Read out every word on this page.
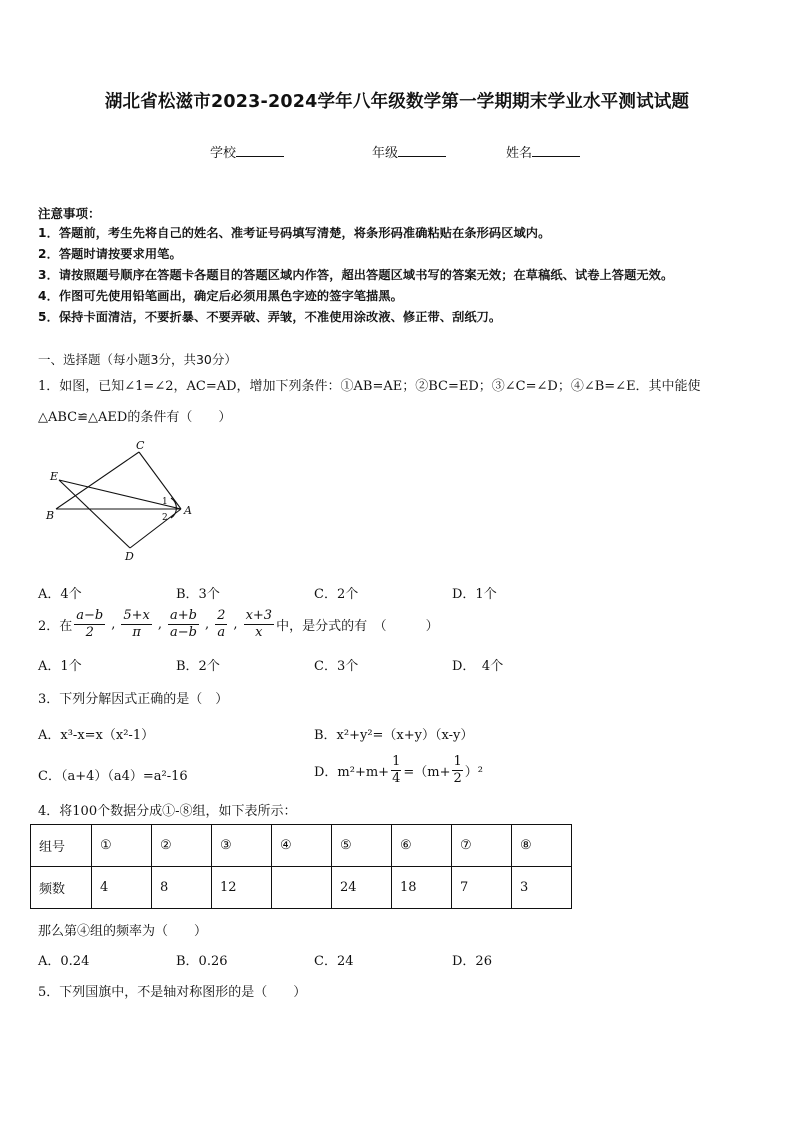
湖北省松滋市2023-2024学年八年级数学第一学期期末学业水平测试试题
学校	年级	姓名
注意事项：
1．答题前，考生先将自己的姓名、准考证号码填写清楚，将条形码准确粘贴在条形码区域内。
2．答题时请按要求用笔。
3．请按照题号顺序在答题卡各题目的答题区域内作答，超出答题区域书写的答案无效；在草稿纸、试卷上答题无效。
4．作图可先使用铅笔画出，确定后必须用黑色字迹的签字笔描黑。
5．保持卡面清洁，不要折暴、不要弄破、弄皱，不准使用涂改液、修正带、刮纸刀。
一、选择题（每小题3分，共30分）
1．如图，已知∠1=∠2，AC=AD，增加下列条件：①AB=AE；②BC=ED；③∠C=∠D；④∠B=∠E．其中能使
△ABC≌△AED的条件有（　　）
C
E
B	A
D
1
2
A．4个	B．3个	C．2个	D．1个
2．在 $\frac{a-b}{2}$ , $\frac{5+x}{\pi}$ , $\frac{a+b}{a-b}$ , $\frac{2}{a}$ , $\frac{x+3}{x}$ 中，是分式的有　（　　　）
A．1个	B．2个	C．3个	D．　4个
3．下列分解因式正确的是（　）
A．x³-x=x（x²-1）	B．x²+y²=（x+y）（x-y）
C．（a+4）（a4）=a²-16	D．$m^2+m+ \frac{1}{4} =(m+ \frac{1}{2} )^2$
4．将100个数据分成①-⑧组，如下表所示：
组号	①	②	③	④	⑤	⑥	⑦	⑧
频数	4	8	12		24	18	7	3
那么第④组的频率为（　　）
A．0.24	B．0.26	C．24	D．26
5．下列国旗中，不是轴对称图形的是（　　）
